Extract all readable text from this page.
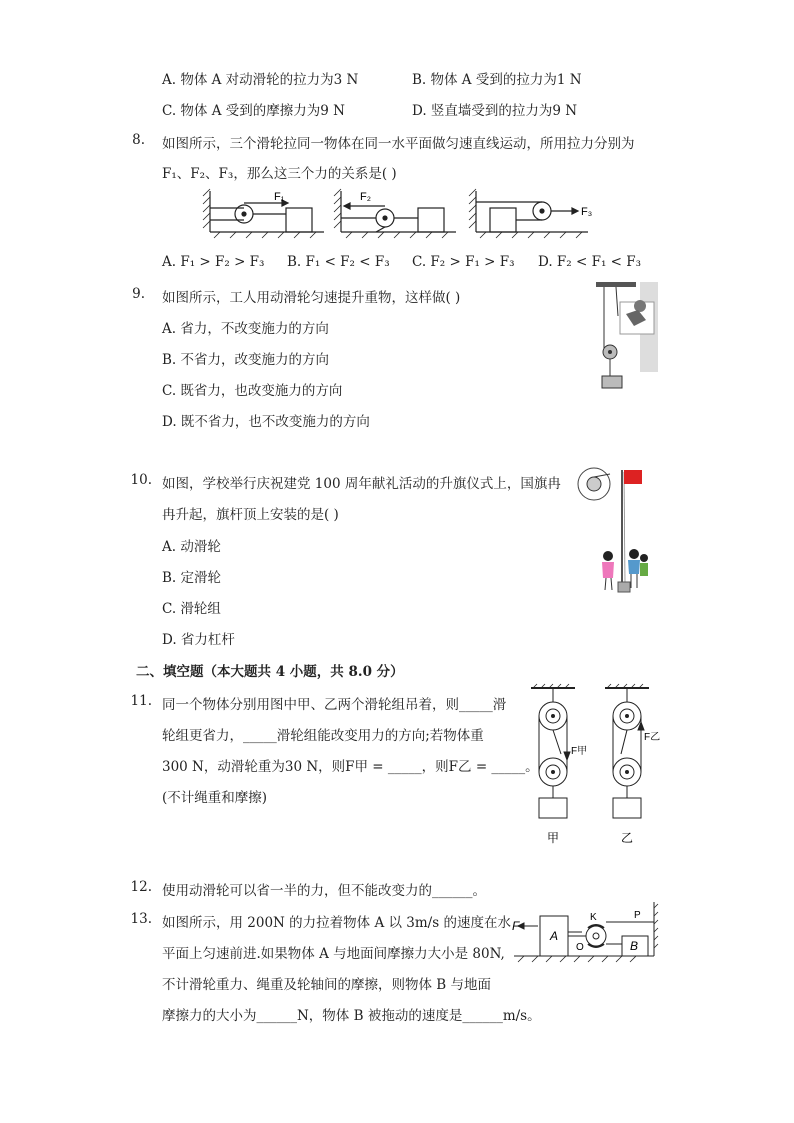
A. 物体 A 对动滑轮的拉力为3 N	B. 物体 A 受到的拉力为1 N
C. 物体 A 受到的摩擦力为9 N	D. 竖直墙受到的拉力为9 N
8. 如图所示，三个滑轮拉同一物体在同一水平面做匀速直线运动，所用拉力分别为
F₁、F₂、F₃，那么这三个力的关系是( )
F₁	F₂
F₃
A. F₁ > F₂ > F₃ B. F₁ < F₂ < F₃ C. F₂ > F₁ > F₃ D. F₂ < F₁ < F₃
9. 如图所示，工人用动滑轮匀速提升重物，这样做( )
A. 省力，不改变施力的方向
B. 不省力，改变施力的方向
C. 既省力，也改变施力的方向
D. 既不省力，也不改变施力的方向
10. 如图，学校举行庆祝建党 100 周年献礼活动的升旗仪式上，国旗冉
冉升起，旗杆顶上安装的是( )
A. 动滑轮
B. 定滑轮
C. 滑轮组
D. 省力杠杆
二、填空题（本大题共 4 小题，共 8.0 分）
11. 同一个物体分别用图中甲、乙两个滑轮组吊着，则_____滑
轮组更省力，_____滑轮组能改变用力的方向;若物体重
300 N，动滑轮重为30 N，则F甲 = _____，则F乙 = _____。
(不计绳重和摩擦)
F甲
F乙
甲	乙
12. 使用动滑轮可以省一半的力，但不能改变力的______。
13. 如图所示，用 200N 的力拉着物体 A 以 3m/s 的速度在水
平面上匀速前进.如果物体 A 与地面间摩擦力大小是 80N,
不计滑轮重力、绳重及轮轴间的摩擦，则物体 B 与地面
摩擦力的大小为______N，物体 B 被拖动的速度是______m/s。
F
A
K	P
O	B
